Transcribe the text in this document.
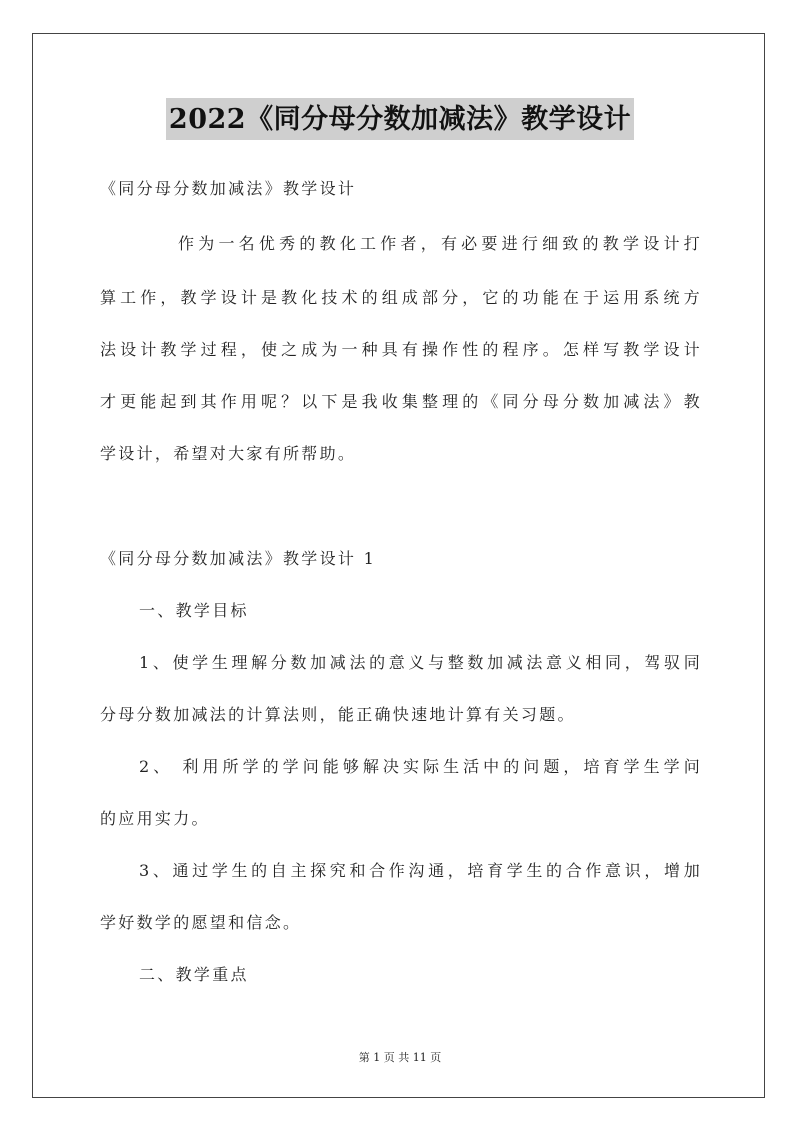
2022《同分母分数加减法》教学设计
《同分母分数加减法》教学设计
作为一名优秀的教化工作者，有必要进行细致的教学设计打
算工作，教学设计是教化技术的组成部分，它的功能在于运用系统方
法设计教学过程，使之成为一种具有操作性的程序。怎样写教学设计
才更能起到其作用呢？以下是我收集整理的《同分母分数加减法》教
学设计，希望对大家有所帮助。
《同分母分数加减法》教学设计 1
一、教学目标
1、使学生理解分数加减法的意义与整数加减法意义相同，驾驭同
分母分数加减法的计算法则，能正确快速地计算有关习题。
2、 利用所学的学问能够解决实际生活中的问题，培育学生学问
的应用实力。
3、通过学生的自主探究和合作沟通，培育学生的合作意识，增加
学好数学的愿望和信念。
二、教学重点
第 1 页 共 11 页
